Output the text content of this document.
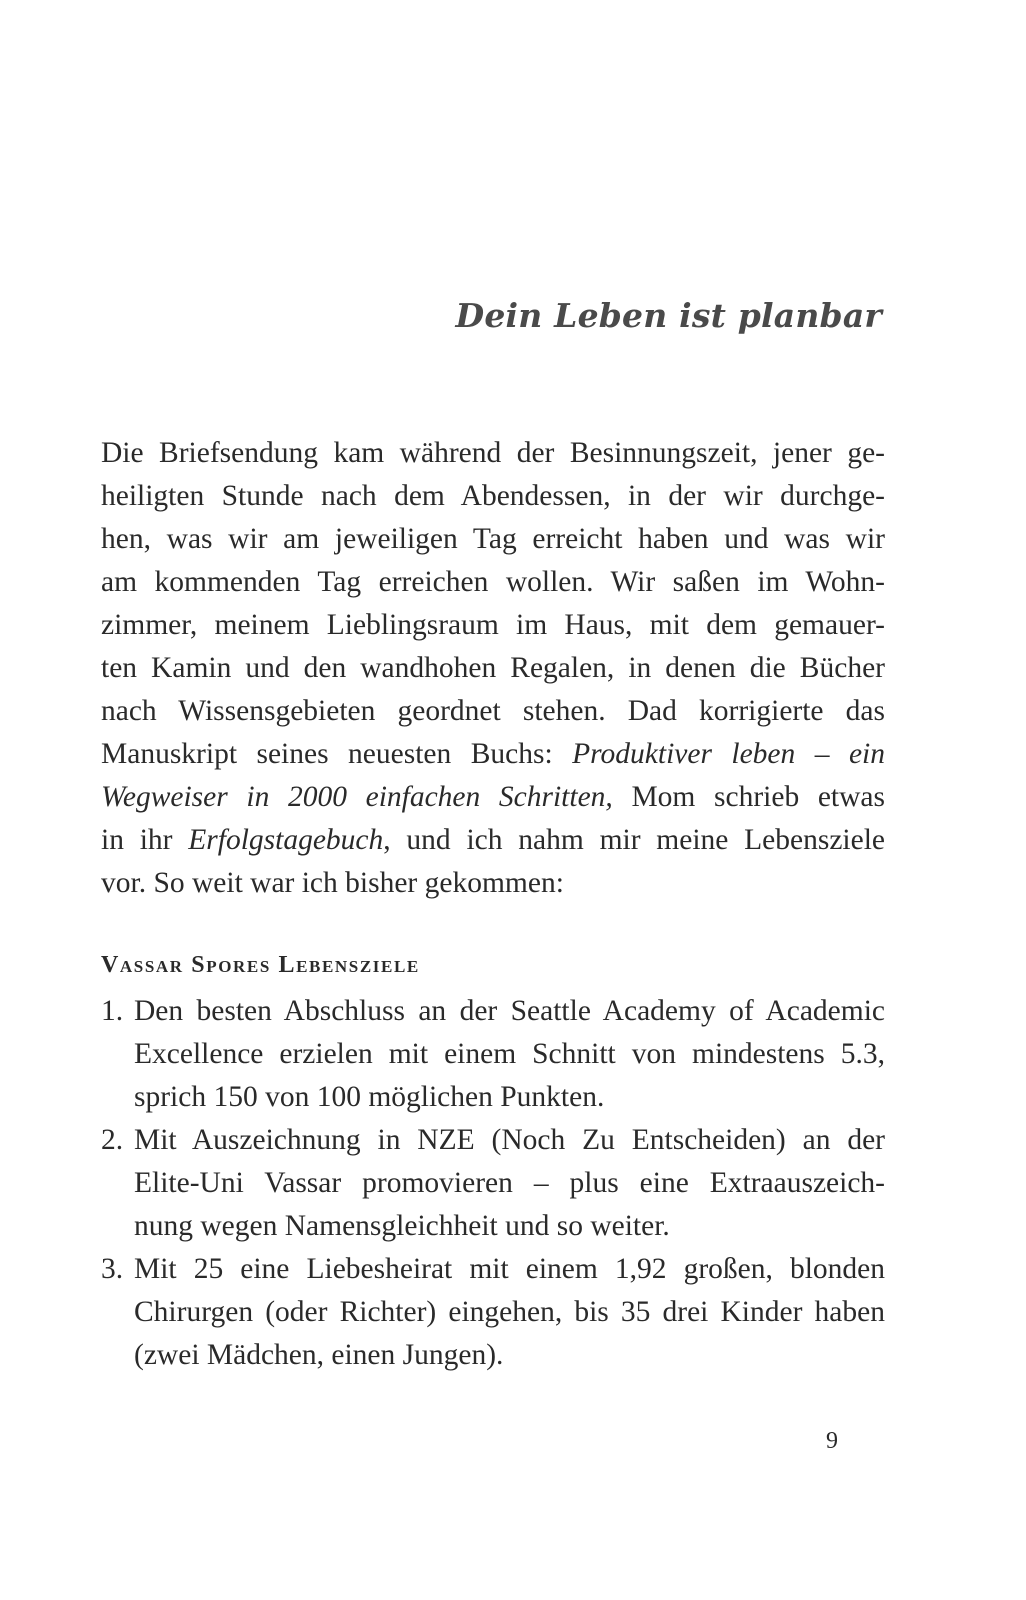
Dein Leben ist planbar

Die Briefsendung kam während der Besinnungszeit, jener ge-
heiligten Stunde nach dem Abendessen, in der wir durchge-
hen, was wir am jeweiligen Tag erreicht haben und was wir
am kommenden Tag erreichen wollen. Wir saßen im Wohn-
zimmer, meinem Lieblingsraum im Haus, mit dem gemauer-
ten Kamin und den wandhohen Regalen, in denen die Bücher
nach Wissensgebieten geordnet stehen. Dad korrigierte das
Manuskript seines neuesten Buchs: Produktiver leben – ein
Wegweiser in 2000 einfachen Schritten, Mom schrieb etwas
in ihr Erfolgstagebuch, und ich nahm mir meine Lebensziele
vor. So weit war ich bisher gekommen:

Vassar Spores Lebensziele
1. Den besten Abschluss an der Seattle Academy of Academic
Excellence erzielen mit einem Schnitt von mindestens 5.3,
sprich 150 von 100 möglichen Punkten.
2. Mit Auszeichnung in NZE (Noch Zu Entscheiden) an der
Elite-Uni Vassar promovieren – plus eine Extraauszeich-
nung wegen Namensgleichheit und so weiter.
3. Mit 25 eine Liebesheirat mit einem 1,92 großen, blonden
Chirurgen (oder Richter) eingehen, bis 35 drei Kinder haben
(zwei Mädchen, einen Jungen).
9
